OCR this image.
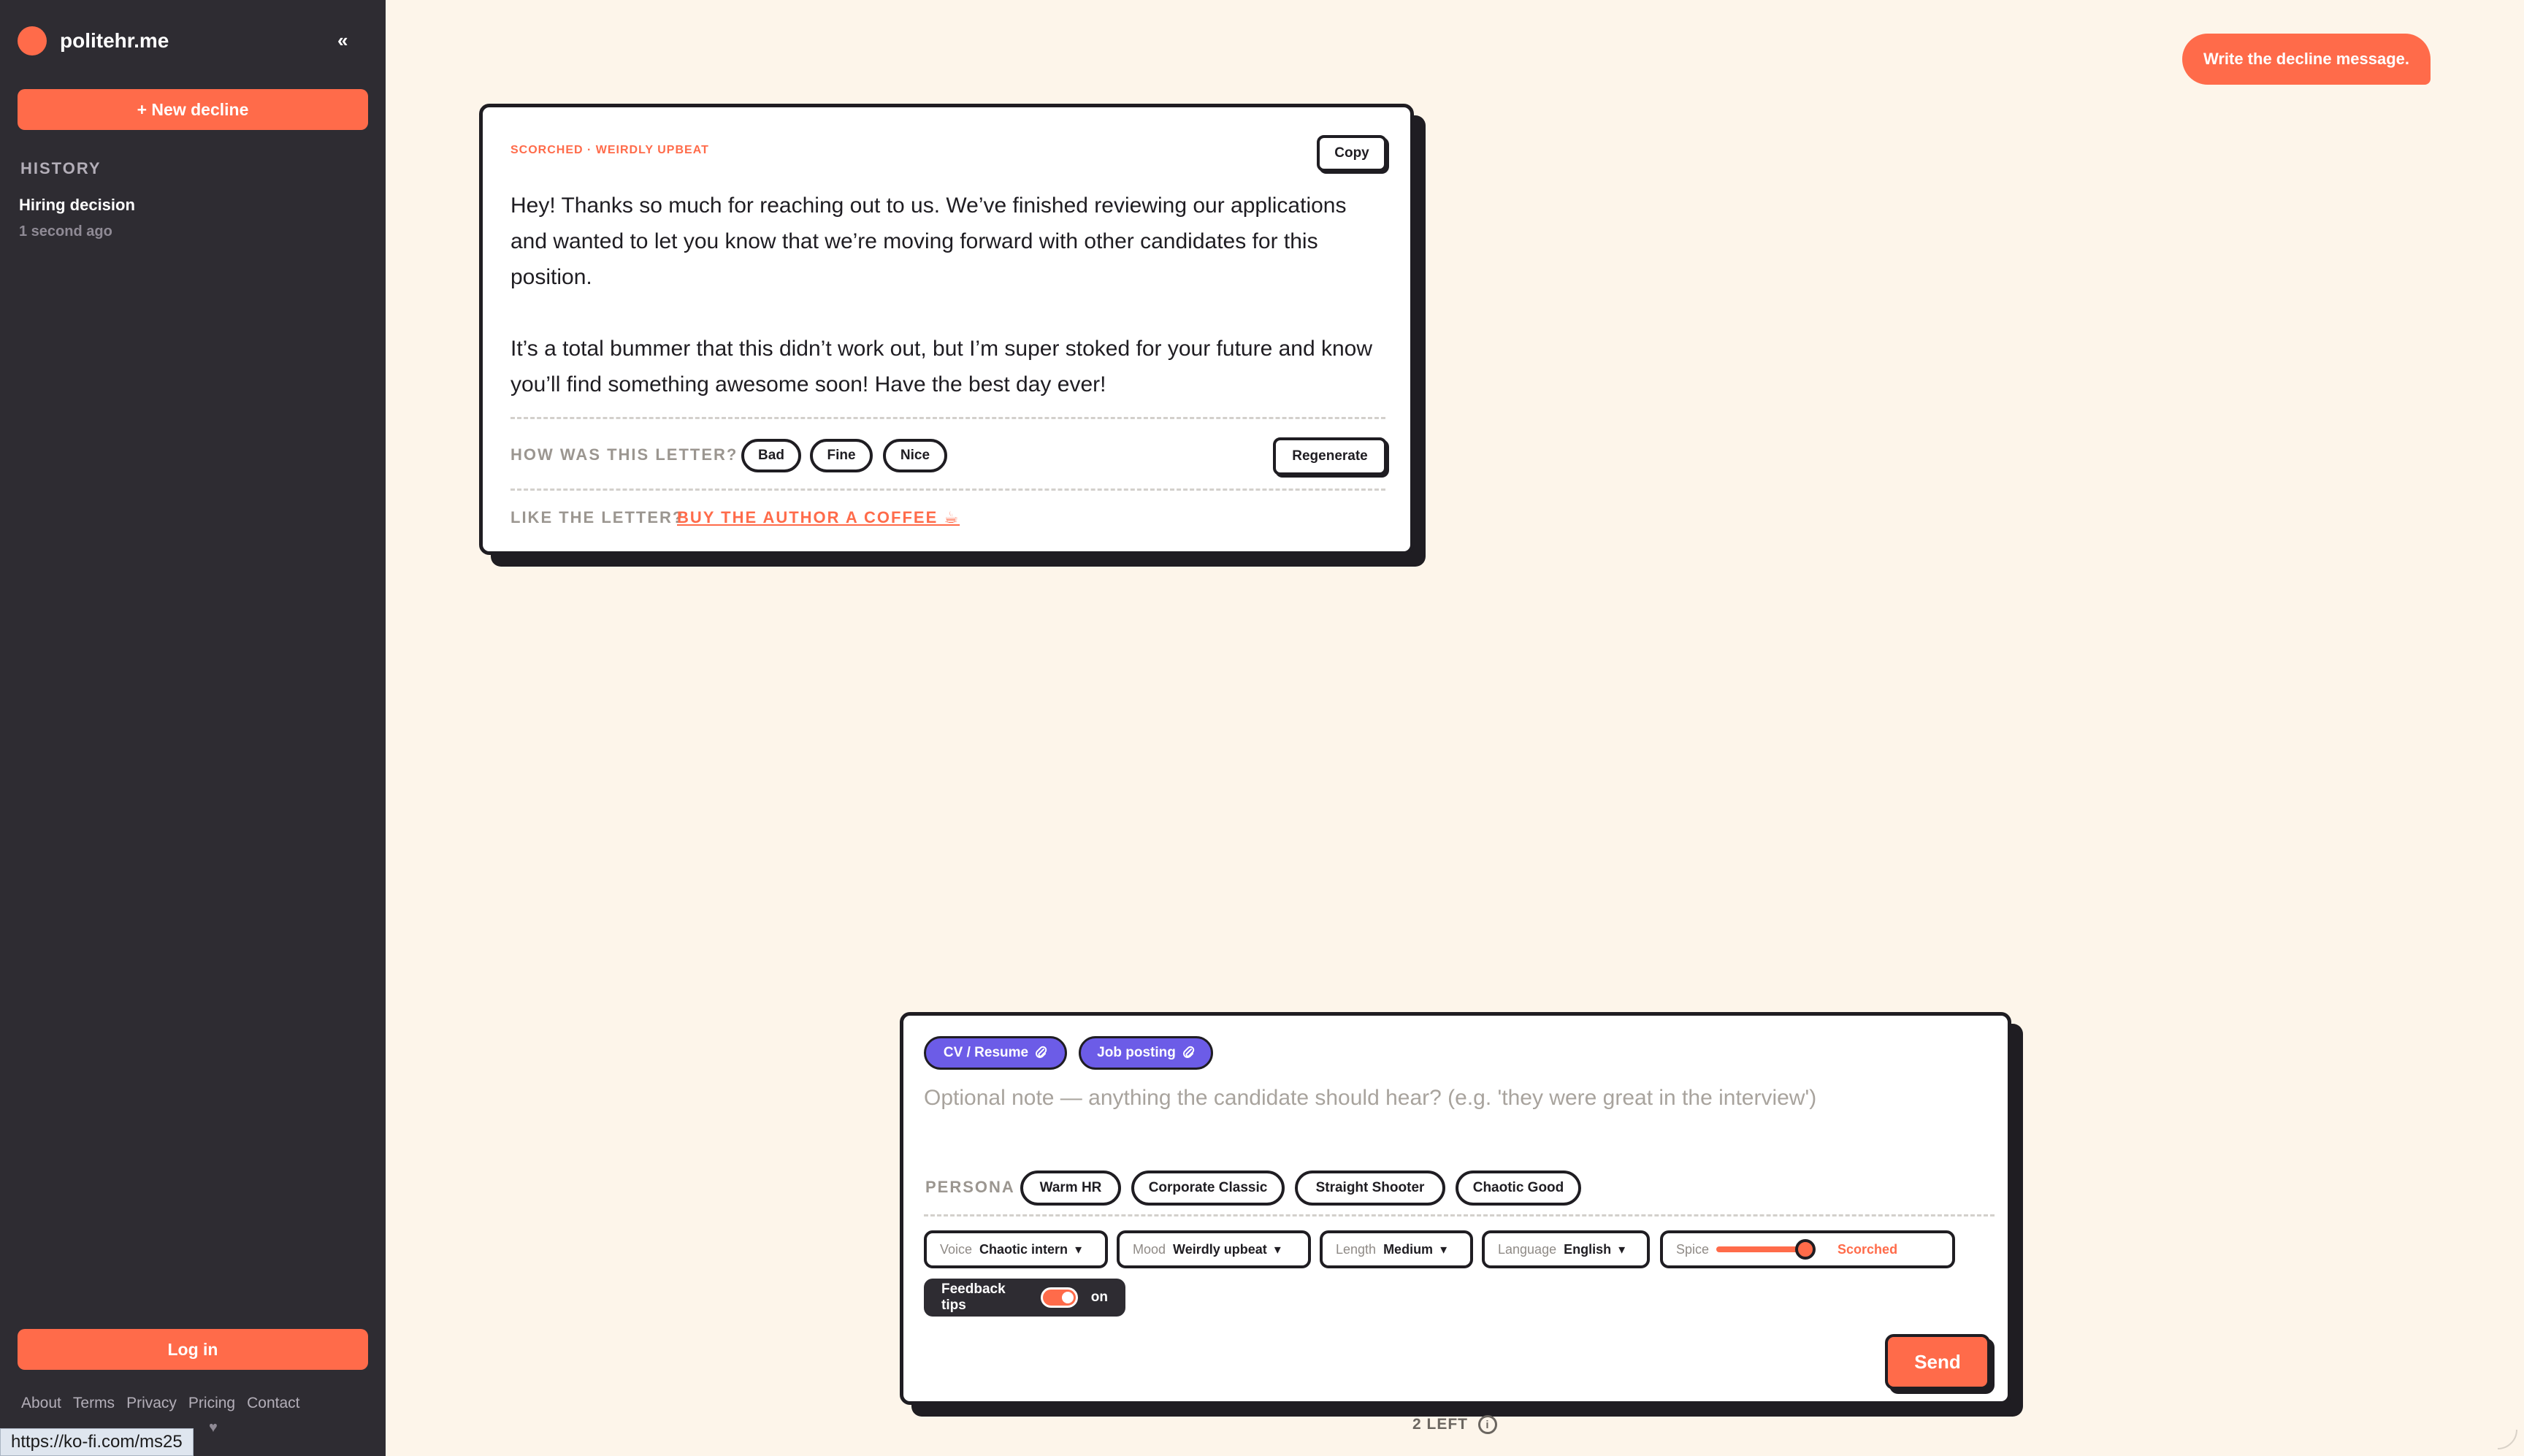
politehr.me	«
+ New decline
HISTORY
Hiring decision
1 second ago
Log in
About Terms Privacy Pricing Contact
♥
https://ko-fi.com/ms25
Write the decline message.
SCORCHED · WEIRDLY UPBEAT	Copy

Hey! Thanks so much for reaching out to us. We’ve finished reviewing our applications and wanted to let you know that we’re moving forward with other candidates for this position.

It’s a total bummer that this didn’t work out, but I’m super stoked for your future and know you’ll find something awesome soon! Have the best day ever!

HOW WAS THIS LETTER?	Bad	Fine	Nice	Regenerate
LIKE THE LETTER?
BUY THE AUTHOR A COFFEE ☕
CV / Resume	Job posting
Optional note — anything the candidate should hear? (e.g. 'they were great in the interview')
PERSONA	Warm HR	Corporate Classic	Straight Shooter	Chaotic Good
Voice Chaotic intern ▾	Mood Weirdly upbeat ▾	Length Medium ▾	Language English ▾	Spice	Scorched
Feedback tips
on
Send
2 LEFT	i
